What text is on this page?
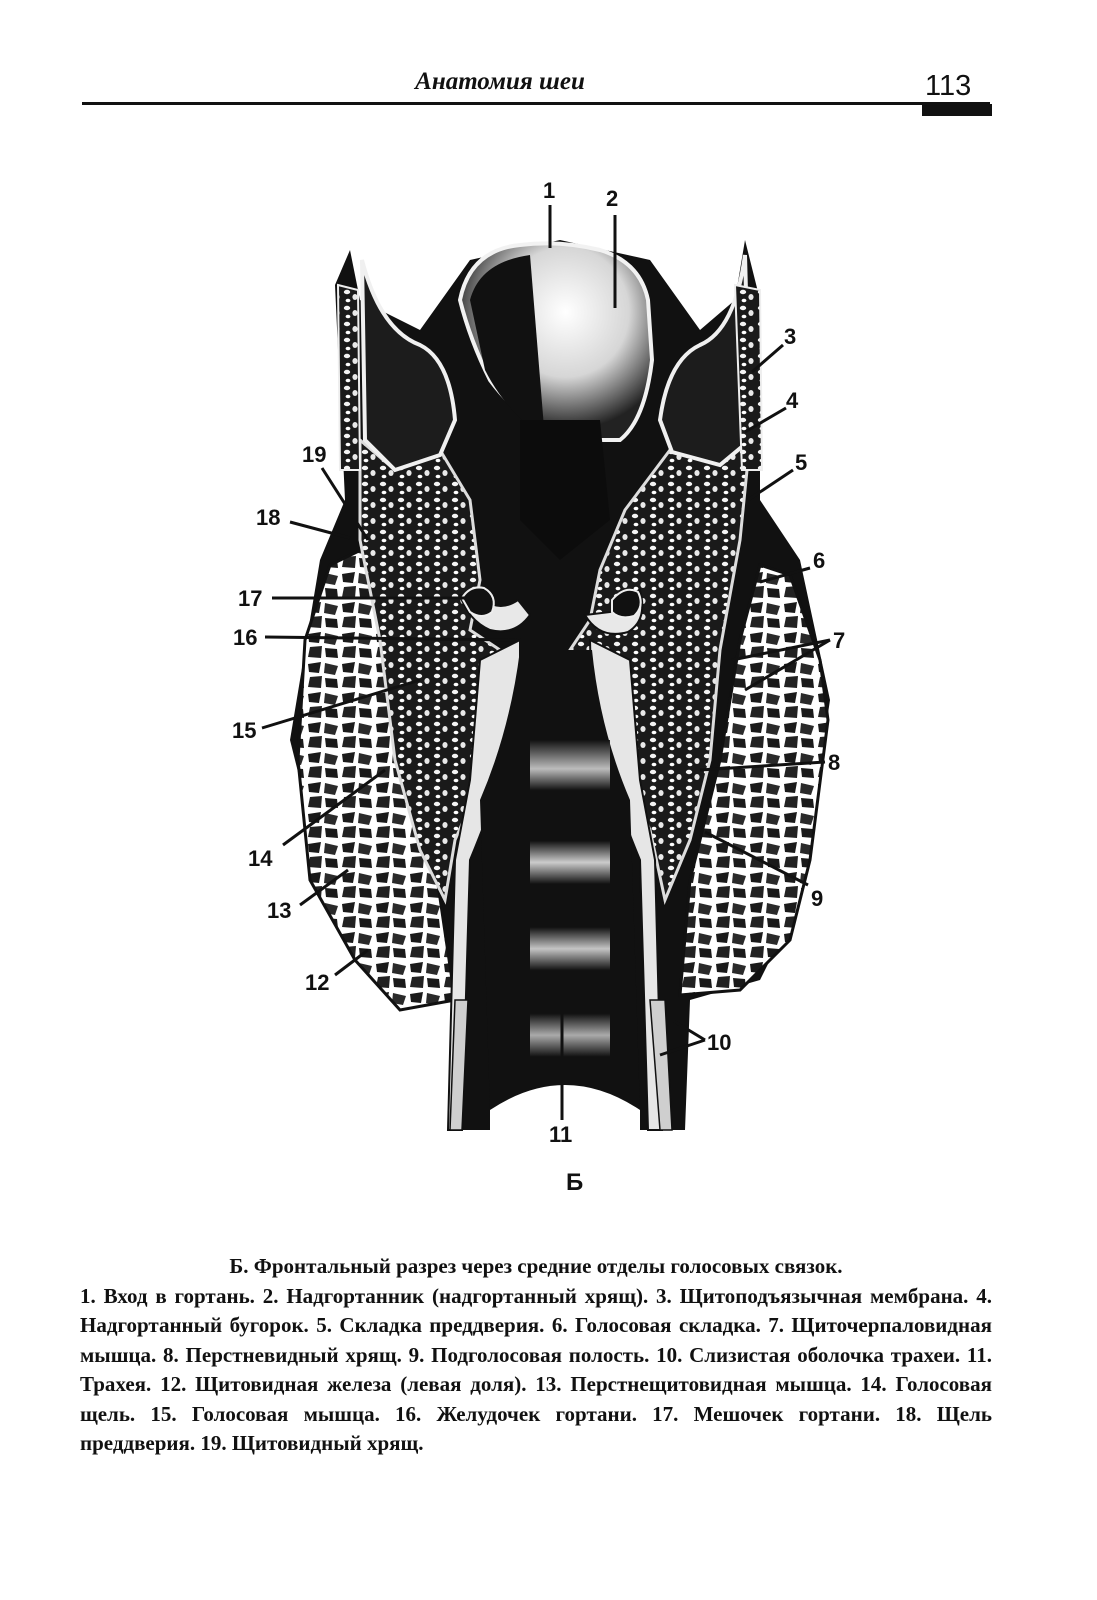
Анатомия шеи	113
1 2
3
4
5
6
7
8
9
10
11
12
13
14
15
16
17
18
19
Б
Б. Фронтальный разрез через средние отделы голосовых связок.
1. Вход в гортань. 2. Надгортанник (надгортанный хрящ). 3. Щитоподъязычная мембрана. 4. Надгортанный бугорок. 5. Складка преддверия. 6. Голосовая складка. 7. Щиточерпаловидная мышца. 8. Перстневидный хрящ. 9. Подголосовая полость. 10. Слизистая оболочка трахеи. 11. Трахея. 12. Щитовидная железа (левая доля). 13. Перстнещитовидная мышца. 14. Голосовая щель. 15. Голосовая мышца. 16. Желудочек гортани. 17. Мешочек гортани. 18. Щель преддверия. 19. Щитовидный хрящ.
